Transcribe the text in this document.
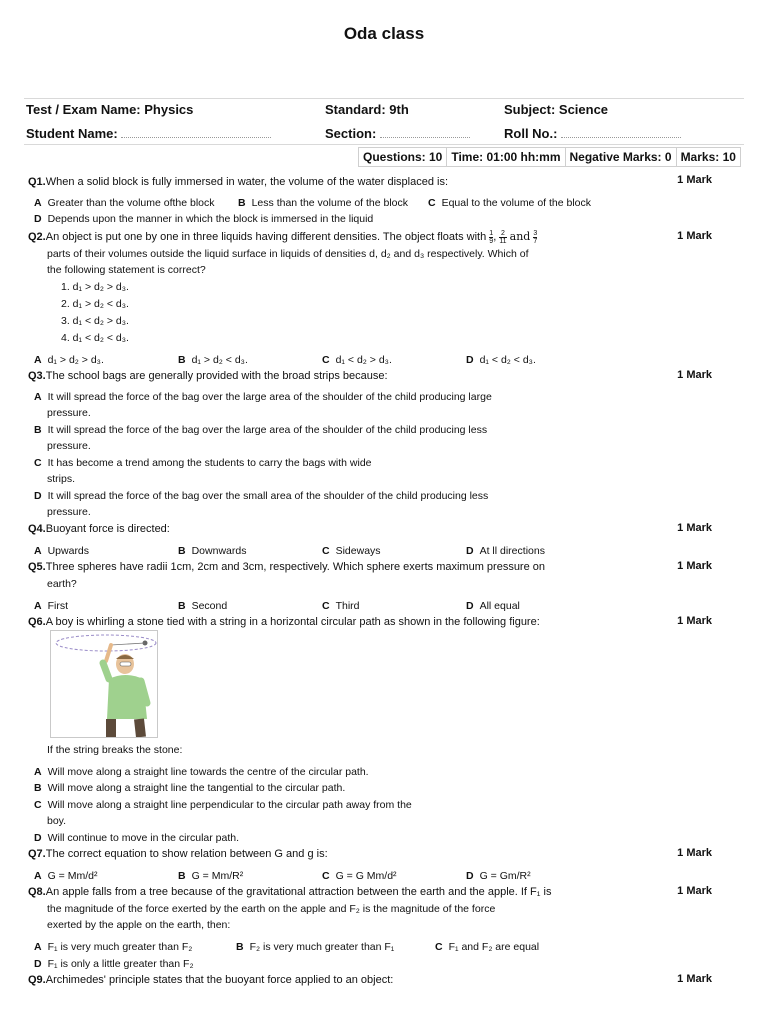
Oda class
Test / Exam Name: Physics	Standard: 9th	Subject: Science
Student Name:	Section:	Roll No.:
Questions: 10 Time: 01:00 hh:mm Negative Marks: 0 Marks: 10
Q1.When a solid block is fully immersed in water, the volume of the water displaced is:	1 Mark
A Greater than the volume ofthe block B Less than the volume of the block C Equal to the volume of the block
D Depends upon the manner in which the block is immersed in the liquid
Q2.An object is put one by one in three liquids having different densities. The object floats with $\frac{1}{9}$ , $\frac{2}{11}$ and $\frac{3}{7}$	1 Mark
parts of their volumes outside the liquid surface in liquids of densities d, d₂ and d₃ respectively. Which of
the following statement is correct?
1. d₁ > d₂ > d₃.
2. d₁ > d₂ < d₃.
3. d₁ < d₂ > d₃.
4. d₁ < d₂ < d₃.
A d₁ > d₂ > d₃.	B d₁ > d₂ < d₃.	C d₁ < d₂ > d₃.	D d₁ < d₂ < d₃.
Q3.The school bags are generally provided with the broad strips because:	1 Mark
A It will spread the force of the bag over the large area of the shoulder of the child producing large
pressure.
B It will spread the force of the bag over the large area of the shoulder of the child producing less
pressure.
C It has become a trend among the students to carry the bags with wide
strips.
D It will spread the force of the bag over the small area of the shoulder of the child producing less
pressure.
Q4.Buoyant force is directed:	1 Mark
A Upwards	B Downwards	C Sideways	D At ll directions
Q5.Three spheres have radii 1cm, 2cm and 3cm, respectively. Which sphere exerts maximum pressure on	1 Mark
earth?
A First	B Second	C Third	D All equal
Q6.A boy is whirling a stone tied with a string in a horizontal circular path as shown in the following figure:	1 Mark
If the string breaks the stone:
A Will move along a straight line towards the centre of the circular path.
B Will move along a straight line the tangential to the circular path.
C Will move along a straight line perpendicular to the circular path away from the
boy.
D Will continue to move in the circular path.
Q7.The correct equation to show relation between G and g is:	1 Mark
A G = Mm/d²	B G = Mm/R²	C G = G Mm/d²	D G = Gm/R²
Q8.An apple falls from a tree because of the gravitational attraction between the earth and the apple. If F₁ is	1 Mark
the magnitude of the force exerted by the earth on the apple and F₂ is the magnitude of the force
exerted by the apple on the earth, then:
A F₁ is very much greater than F₂	B F₂ is very much greater than F₁	C F₁ and F₂ are equal
D F₁ is only a little greater than F₂
Q9.Archimedes' principle states that the buoyant force applied to an object:	1 Mark
